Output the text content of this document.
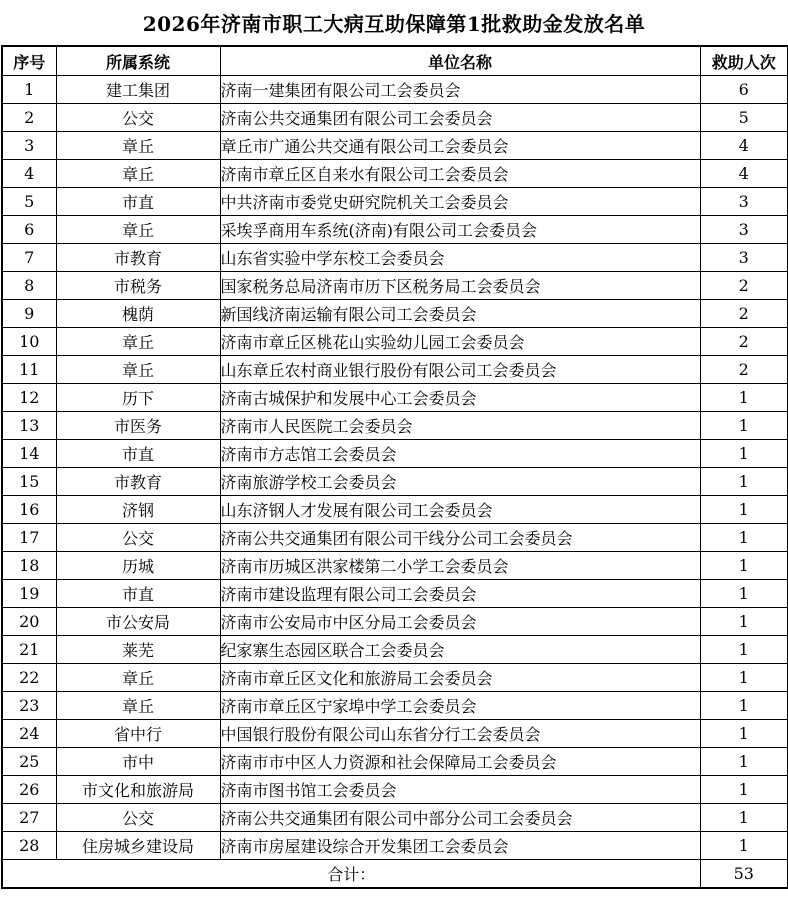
2026年济南市职工大病互助保障第1批救助金发放名单
序号	所属系统	单位名称	救助人次
1	建工集团	济南一建集团有限公司工会委员会	6
2	公交	济南公共交通集团有限公司工会委员会	5
3	章丘	章丘市广通公共交通有限公司工会委员会	4
4	章丘	济南市章丘区自来水有限公司工会委员会	4
5	市直	中共济南市委党史研究院机关工会委员会	3
6	章丘	采埃孚商用车系统(济南)有限公司工会委员会	3
7	市教育	山东省实验中学东校工会委员会	3
8	市税务	国家税务总局济南市历下区税务局工会委员会	2
9	槐荫	新国线济南运输有限公司工会委员会	2
10	章丘	济南市章丘区桃花山实验幼儿园工会委员会	2
11	章丘	山东章丘农村商业银行股份有限公司工会委员会	2
12	历下	济南古城保护和发展中心工会委员会	1
13	市医务	济南市人民医院工会委员会	1
14	市直	济南市方志馆工会委员会	1
15	市教育	济南旅游学校工会委员会	1
16	济钢	山东济钢人才发展有限公司工会委员会	1
17	公交	济南公共交通集团有限公司干线分公司工会委员会	1
18	历城	济南市历城区洪家楼第二小学工会委员会	1
19	市直	济南市建设监理有限公司工会委员会	1
20	市公安局	济南市公安局市中区分局工会委员会	1
21	莱芜	纪家寨生态园区联合工会委员会	1
22	章丘	济南市章丘区文化和旅游局工会委员会	1
23	章丘	济南市章丘区宁家埠中学工会委员会	1
24	省中行	中国银行股份有限公司山东省分行工会委员会	1
25	市中	济南市市中区人力资源和社会保障局工会委员会	1
26	市文化和旅游局	济南市图书馆工会委员会	1
27	公交	济南公共交通集团有限公司中部分公司工会委员会	1
28	住房城乡建设局	济南市房屋建设综合开发集团工会委员会	1
合计：			53
